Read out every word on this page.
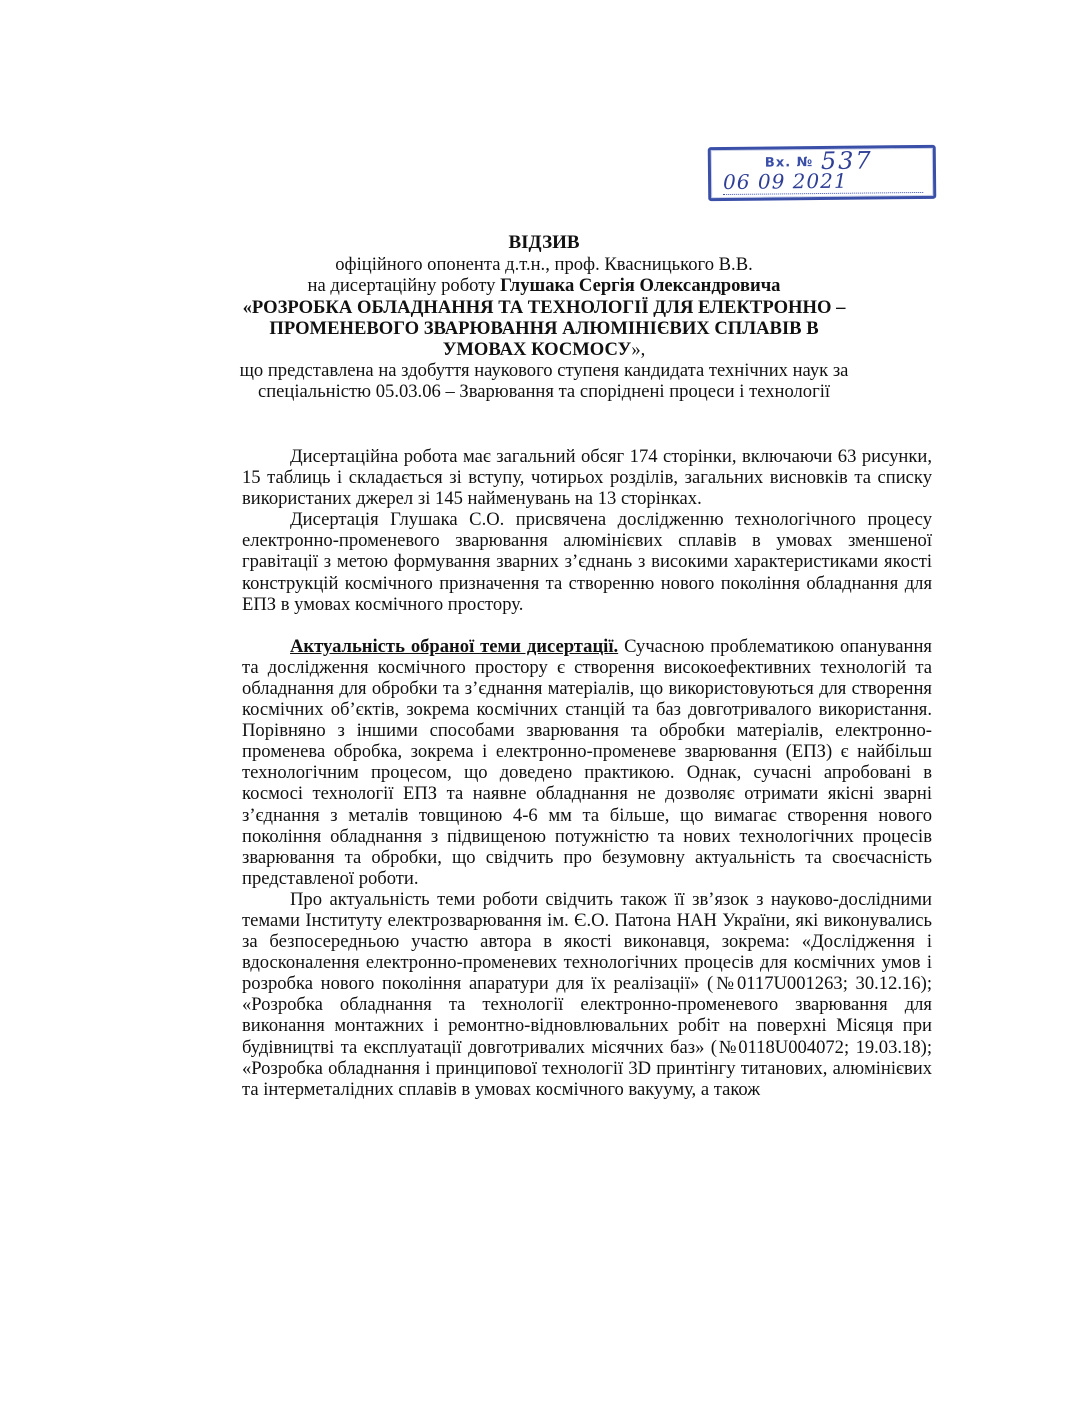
Вх. № 537
06 09 2021
ВІДЗИВ
офіційного опонента д.т.н., проф. Квасницького В.В.
на дисертаційну роботу Глушака Сергія Олександровича
«РОЗРОБКА ОБЛАДНАННЯ ТА ТЕХНОЛОГІЇ ДЛЯ ЕЛЕКТРОННО –
ПРОМЕНЕВОГО ЗВАРЮВАННЯ АЛЮМІНІЄВИХ СПЛАВІВ В
УМОВАХ КОСМОСУ»,
що представлена на здобуття наукового ступеня кандидата технічних наук за
спеціальністю 05.03.06 – Зварювання та споріднені процеси і технології

Дисертаційна робота має загальний обсяг 174 сторінки, включаючи 63 рисунки, 15 таблиць і складається зі вступу, чотирьох розділів, загальних висновків та списку використаних джерел зі 145 найменувань на 13 сторінках.

Дисертація Глушака С.О. присвячена дослідженню технологічного процесу електронно-променевого зварювання алюмінієвих сплавів в умовах зменшеної гравітації з метою формування зварних з’єднань з високими характеристиками якості конструкцій космічного призначення та створенню нового покоління обладнання для ЕПЗ в умовах космічного простору.

Актуальність обраної теми дисертації. Сучасною проблематикою опанування та дослідження космічного простору є створення високоефективних технологій та обладнання для обробки та з’єднання матеріалів, що використовуються для створення космічних об’єктів, зокрема космічних станцій та баз довготривалого використання. Порівняно з іншими способами зварювання та обробки матеріалів, електронно-променева обробка, зокрема і електронно-променеве зварювання (ЕПЗ) є найбільш технологічним процесом, що доведено практикою. Однак, сучасні апробовані в космосі технології ЕПЗ та наявне обладнання не дозволяє отримати якісні зварні з’єднання з металів товщиною 4-6 мм та більше, що вимагає створення нового покоління обладнання з підвищеною потужністю та нових технологічних процесів зварювання та обробки, що свідчить про безумовну актуальність та своєчасність представленої роботи.

Про актуальність теми роботи свідчить також її зв’язок з науково-дослідними темами Інституту електрозварювання ім. Є.О. Патона НАН України, які виконувались за безпосередньою участю автора в якості виконавця, зокрема: «Дослідження і вдосконалення електронно-променевих технологічних процесів для космічних умов і розробка нового покоління апаратури для їх реалізації» (№0117U001263; 30.12.16); «Розробка обладнання та технології електронно-променевого зварювання для виконання монтажних і ремонтно-відновлювальних робіт на поверхні Місяця при будівництві та експлуатації довготривалих місячних баз» (№0118U004072; 19.03.18); «Розробка обладнання і принципової технології 3D принтінгу титанових, алюмінієвих та інтерметалідних сплавів в умовах космічного вакууму, а також
